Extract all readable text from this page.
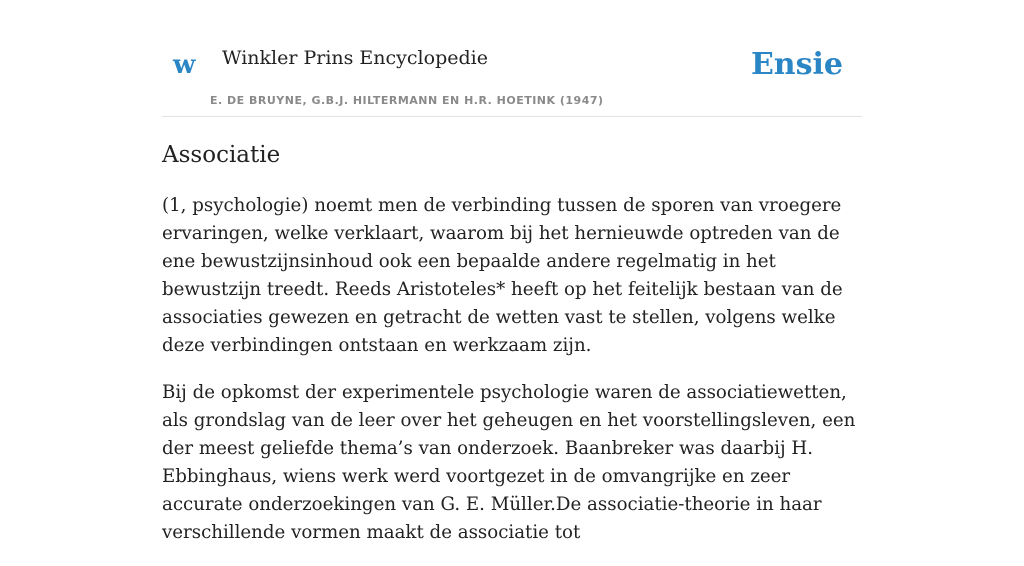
w Winkler Prins Encyclopedie
E. DE BRUYNE, G.B.J. HILTERMANN EN H.R. HOETINK (1947)
Ensie
Associatie

(1, psychologie) noemt men de verbinding tussen de sporen van vroegere ervaringen, welke verklaart, waarom bij het hernieuwde optreden van de ene bewustzijnsinhoud ook een bepaalde andere regelmatig in het bewustzijn treedt. Reeds Aristoteles* heeft op het feitelijk bestaan van de associaties gewezen en getracht de wetten vast te stellen, volgens welke deze verbindingen ontstaan en werkzaam zijn.

Bij de opkomst der experimentele psychologie waren de associatiewetten, als grondslag van de leer over het geheugen en het voorstellingsleven, een der meest geliefde thema’s van onderzoek. Baanbreker was daarbij H. Ebbinghaus, wiens werk werd voortgezet in de omvangrijke en zeer accurate onderzoekingen van G. E. Müller.De associatie-theorie in haar verschillende vormen maakt de associatie tot
